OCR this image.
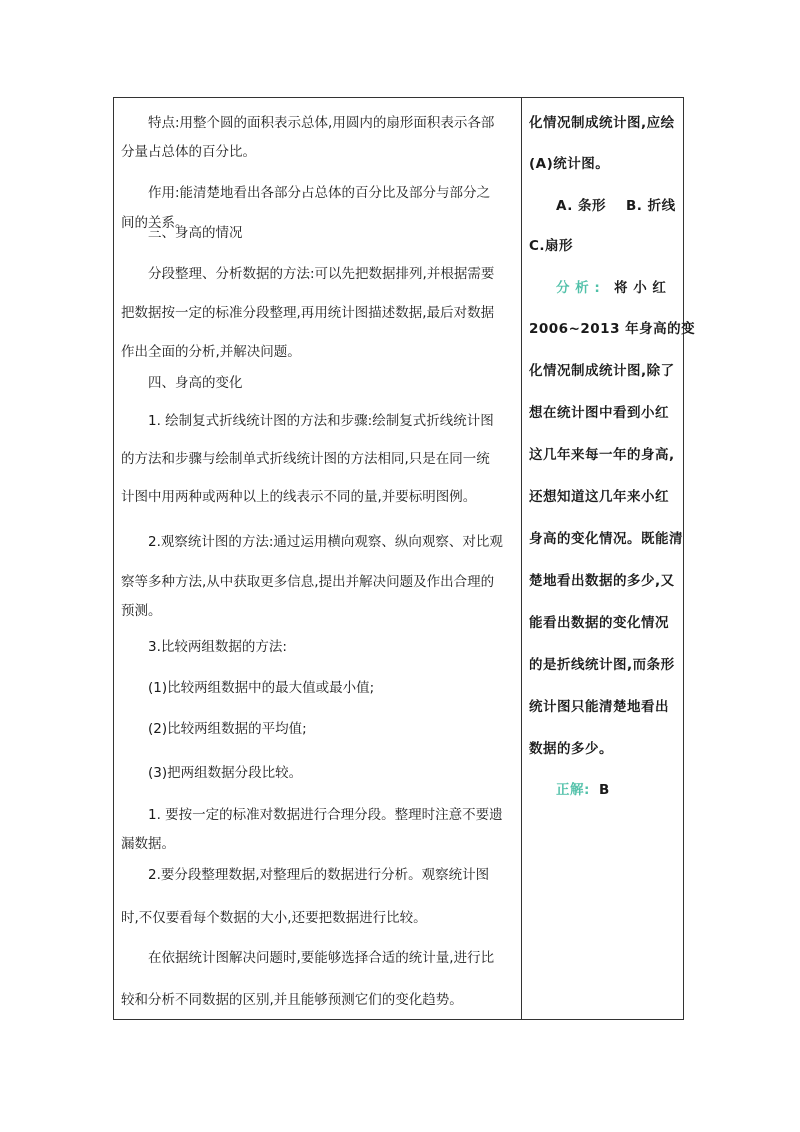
特点:用整个圆的面积表示总体,用圆内的扇形面积表示各部
分量占总体的百分比。
作用:能清楚地看出各部分占总体的百分比及部分与部分之
间的关系。
三、身高的情况
分段整理、分析数据的方法:可以先把数据排列,并根据需要
把数据按一定的标准分段整理,再用统计图描述数据,最后对数据
作出全面的分析,并解决问题。
四、身高的变化
1. 绘制复式折线统计图的方法和步骤:绘制复式折线统计图
的方法和步骤与绘制单式折线统计图的方法相同,只是在同一统
计图中用两种或两种以上的线表示不同的量,并要标明图例。
2.观察统计图的方法:通过运用横向观察、纵向观察、对比观
察等多种方法,从中获取更多信息,提出并解决问题及作出合理的
预测。
3.比较两组数据的方法:
(1)比较两组数据中的最大值或最小值;
(2)比较两组数据的平均值;
(3)把两组数据分段比较。
1. 要按一定的标准对数据进行合理分段。整理时注意不要遗
漏数据。
2.要分段整理数据,对整理后的数据进行分析。观察统计图
时,不仅要看每个数据的大小,还要把数据进行比较。
在依据统计图解决问题时,要能够选择合适的统计量,进行比
较和分析不同数据的区别,并且能够预测它们的变化趋势。
化情况制成统计图,应绘
(A)统计图。
A. 条形 B. 折线
C.扇形
分 析 : 将 小 红
2006~2013 年身高的变
化情况制成统计图,除了
想在统计图中看到小红
这几年来每一年的身高,
还想知道这几年来小红
身高的变化情况。既能清
楚地看出数据的多少,又
能看出数据的变化情况
的是折线统计图,而条形
统计图只能清楚地看出
数据的多少。
正解: B
